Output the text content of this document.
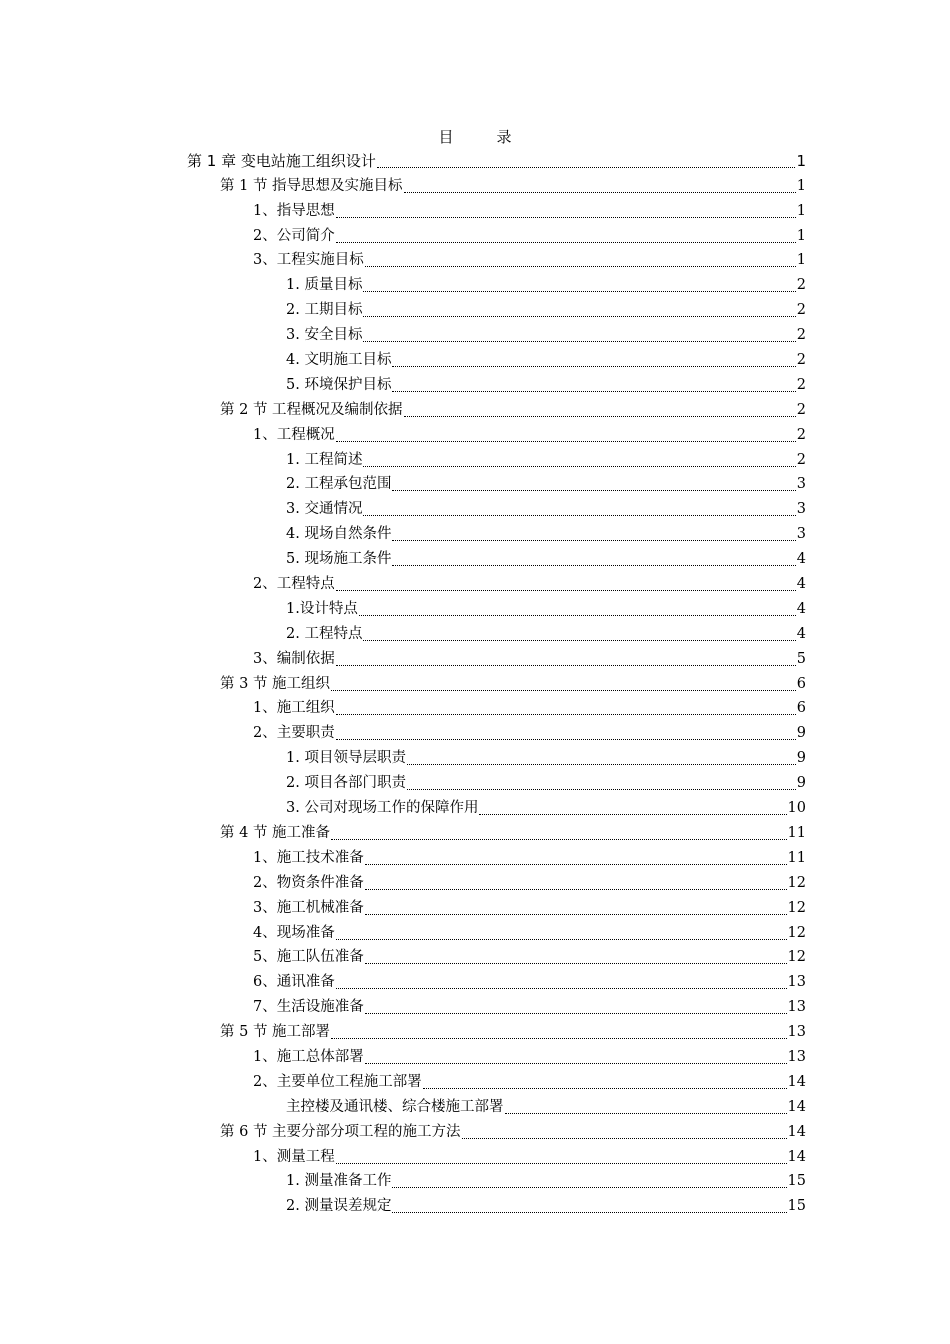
目　录
第 1 章 变电站施工组织设计	1
第 1 节 指导思想及实施目标	1
1、指导思想	1
2、公司简介	1
3、工程实施目标	1
1. 质量目标	2
2. 工期目标	2
3. 安全目标	2
4. 文明施工目标	2
5. 环境保护目标	2
第 2 节 工程概况及编制依据	2
1、工程概况	2
1. 工程简述	2
2. 工程承包范围	3
3. 交通情况	3
4. 现场自然条件	3
5. 现场施工条件	4
2、工程特点	4
1.设计特点	4
2. 工程特点	4
3、编制依据	5
第 3 节 施工组织	6
1、施工组织	6
2、主要职责	9
1. 项目领导层职责	9
2. 项目各部门职责	9
3. 公司对现场工作的保障作用	10
第 4 节 施工准备	11
1、施工技术准备	11
2、物资条件准备	12
3、施工机械准备	12
4、现场准备	12
5、施工队伍准备	12
6、通讯准备	13
7、生活设施准备	13
第 5 节 施工部署	13
1、施工总体部署	13
2、主要单位工程施工部署	14
主控楼及通讯楼、综合楼施工部署	14
第 6 节 主要分部分项工程的施工方法	14
1、测量工程	14
1. 测量准备工作	15
2. 测量误差规定	15
